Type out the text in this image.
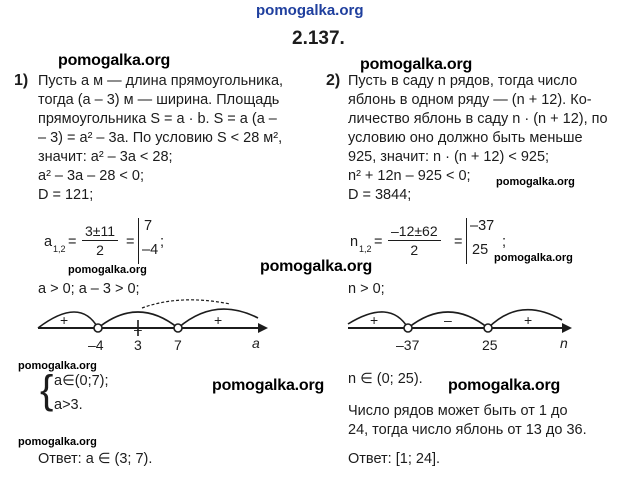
pomogalka.org
2.137.
pomogalka.org	pomogalka.org
pomogalka.org
pomogalka.org
pomogalka.org
pomogalka.org
pomogalka.org
pomogalka.org	pomogalka.org
pomogalka.org
1) Пусть a м — длина прямоугольника,
тогда (a – 3) м — ширина. Площадь
прямоугольника S = a · b. S = a (a –
– 3) = a² – 3a. По условию S < 28 м²,
значит: a² – 3a < 28;
a² – 3a – 28 < 0;
D = 121;
a $1,2 = \frac{3\pm 11}{2}$ =
7
–4 ;
a > 0; a – 3 > 0;
+
–
+
–4 3 7	a
{ a∈(0;7);
a>3.
Ответ: a ∈ (3; 7).
2) Пусть в саду n рядов, тогда число
яблонь в одном ряду — (n + 12). Ко-
личество яблонь в саду n · (n + 12), по
условию оно должно быть меньше
925, значит: n · (n + 12) < 925;
n² + 12n – 925 < 0;
D = 3844;
n $1,2 = \frac{-12\pm 62}{2}$ =
–37
25 ;
n > 0;
+	–	+
–37	25	n
n ∈ (0; 25).
Число рядов может быть от 1 до
24, тогда число яблонь от 13 до 36.
Ответ: [1; 24].
